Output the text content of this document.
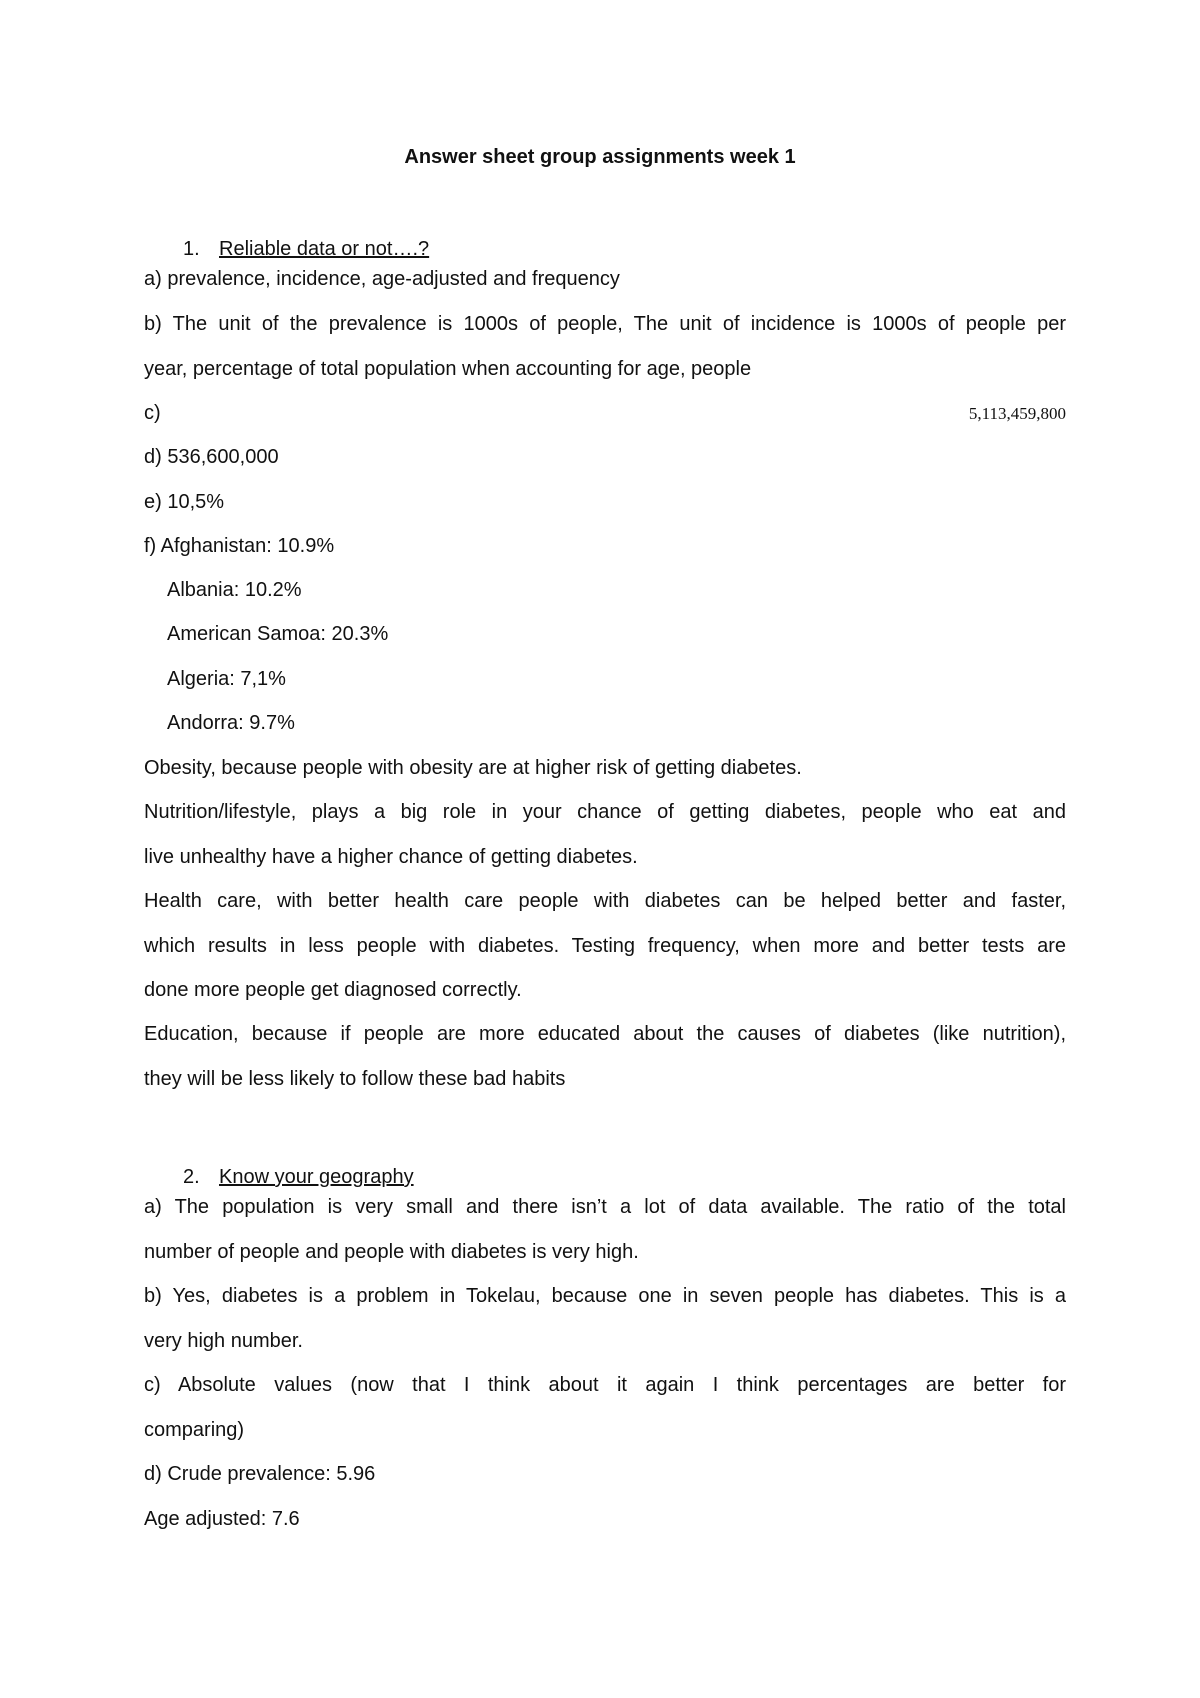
Answer sheet group assignments week 1
1. Reliable data or not….?
a) prevalence, incidence, age-adjusted and frequency
b) The unit of the prevalence is 1000s of people, The unit of incidence is 1000s of people per
year, percentage of total population when accounting for age, people
c)	5,113,459,800
d) 536,600,000
e) 10,5%
f) Afghanistan: 10.9%
Albania: 10.2%
American Samoa: 20.3%
Algeria: 7,1%
Andorra: 9.7%
Obesity, because people with obesity are at higher risk of getting diabetes.
Nutrition/lifestyle, plays a big role in your chance of getting diabetes, people who eat and
live unhealthy have a higher chance of getting diabetes.
Health care, with better health care people with diabetes can be helped better and faster,
which results in less people with diabetes. Testing frequency, when more and better tests are
done more people get diagnosed correctly.
Education, because if people are more educated about the causes of diabetes (like nutrition),
they will be less likely to follow these bad habits
2. Know your geography
a) The population is very small and there isn’t a lot of data available. The ratio of the total
number of people and people with diabetes is very high.
b) Yes, diabetes is a problem in Tokelau, because one in seven people has diabetes. This is a
very high number.
c) Absolute values (now that I think about it again I think percentages are better for
comparing)
d) Crude prevalence: 5.96
Age adjusted: 7.6
